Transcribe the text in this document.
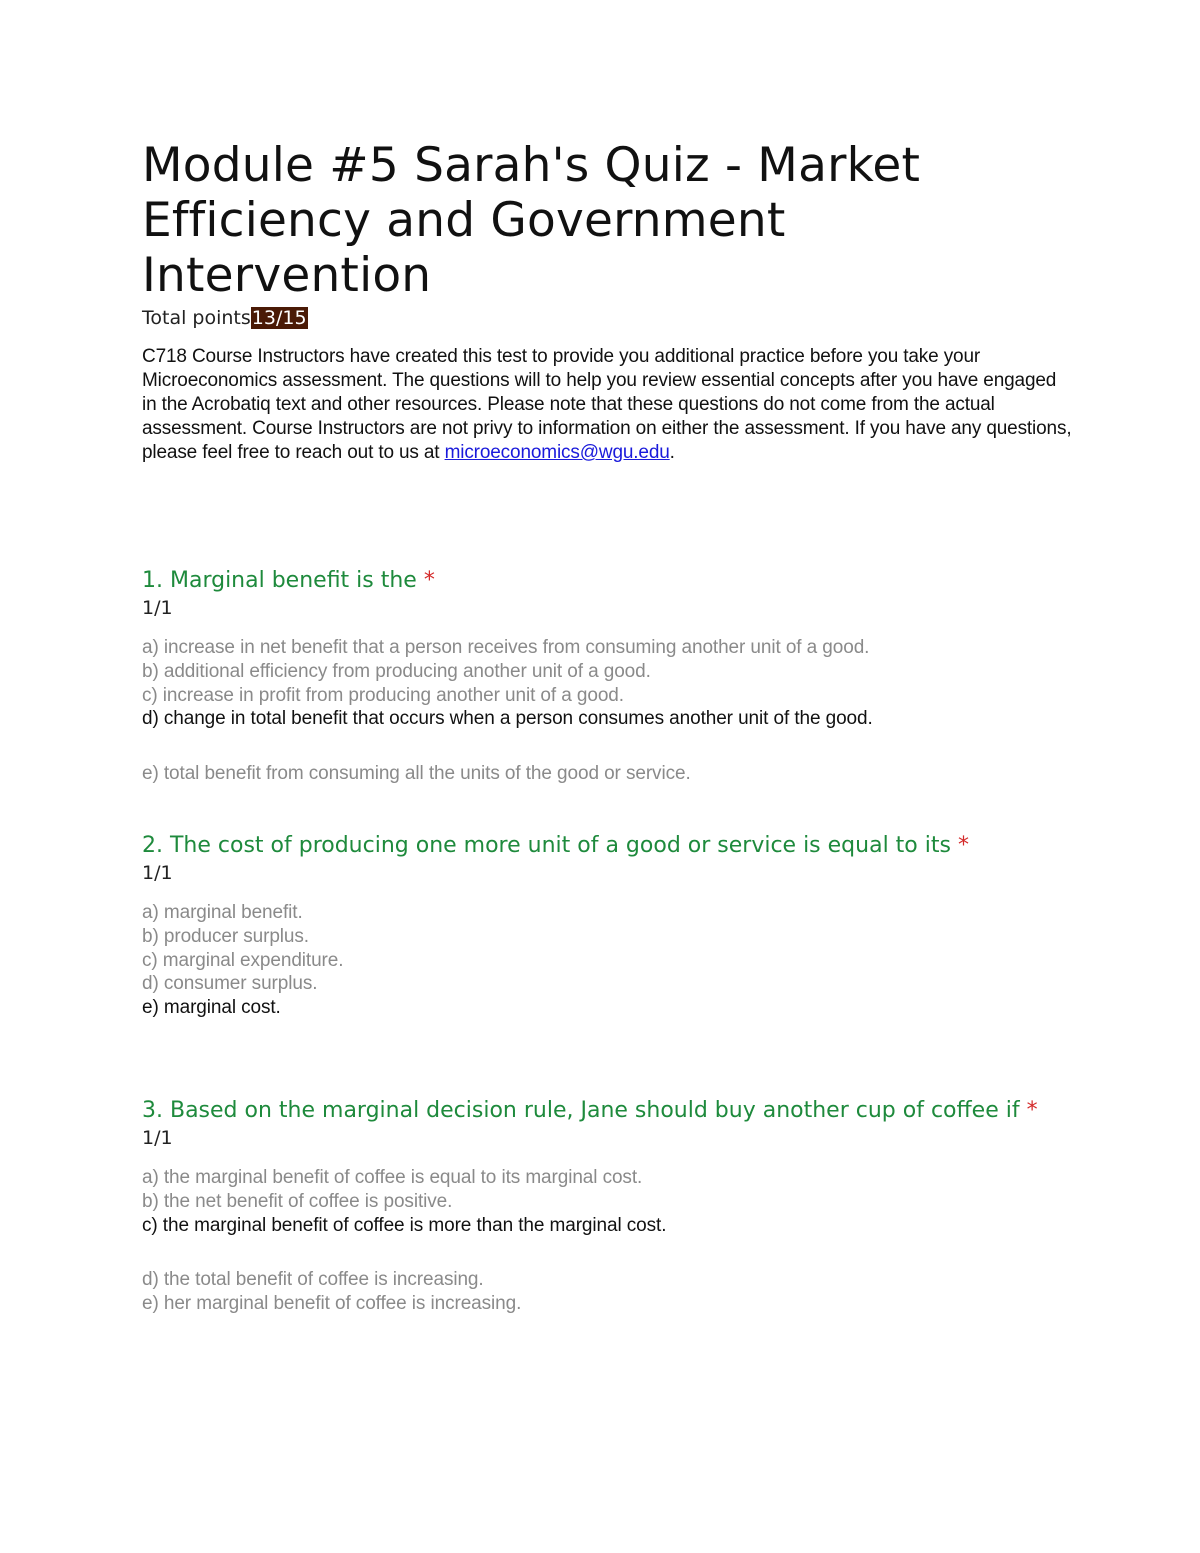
Module #5 Sarah's Quiz - Market Efficiency and Government Intervention
Total points13/15
C718 Course Instructors have created this test to provide you additional practice before you take your Microeconomics assessment. The questions will to help you review essential concepts after you have engaged in the Acrobatiq text and other resources. Please note that these questions do not come from the actual assessment. Course Instructors are not privy to information on either the assessment. If you have any questions, please feel free to reach out to us at microeconomics@wgu.edu.
1. Marginal benefit is the *
1/1
a) increase in net benefit that a person receives from consuming another unit of a good.
b) additional efficiency from producing another unit of a good.
c) increase in profit from producing another unit of a good.
d) change in total benefit that occurs when a person consumes another unit of the good.
e) total benefit from consuming all the units of the good or service.
2. The cost of producing one more unit of a good or service is equal to its *
1/1
a) marginal benefit.
b) producer surplus.
c) marginal expenditure.
d) consumer surplus.
e) marginal cost.
3. Based on the marginal decision rule, Jane should buy another cup of coffee if *
1/1
a) the marginal benefit of coffee is equal to its marginal cost.
b) the net benefit of coffee is positive.
c) the marginal benefit of coffee is more than the marginal cost.
d) the total benefit of coffee is increasing.
e) her marginal benefit of coffee is increasing.
